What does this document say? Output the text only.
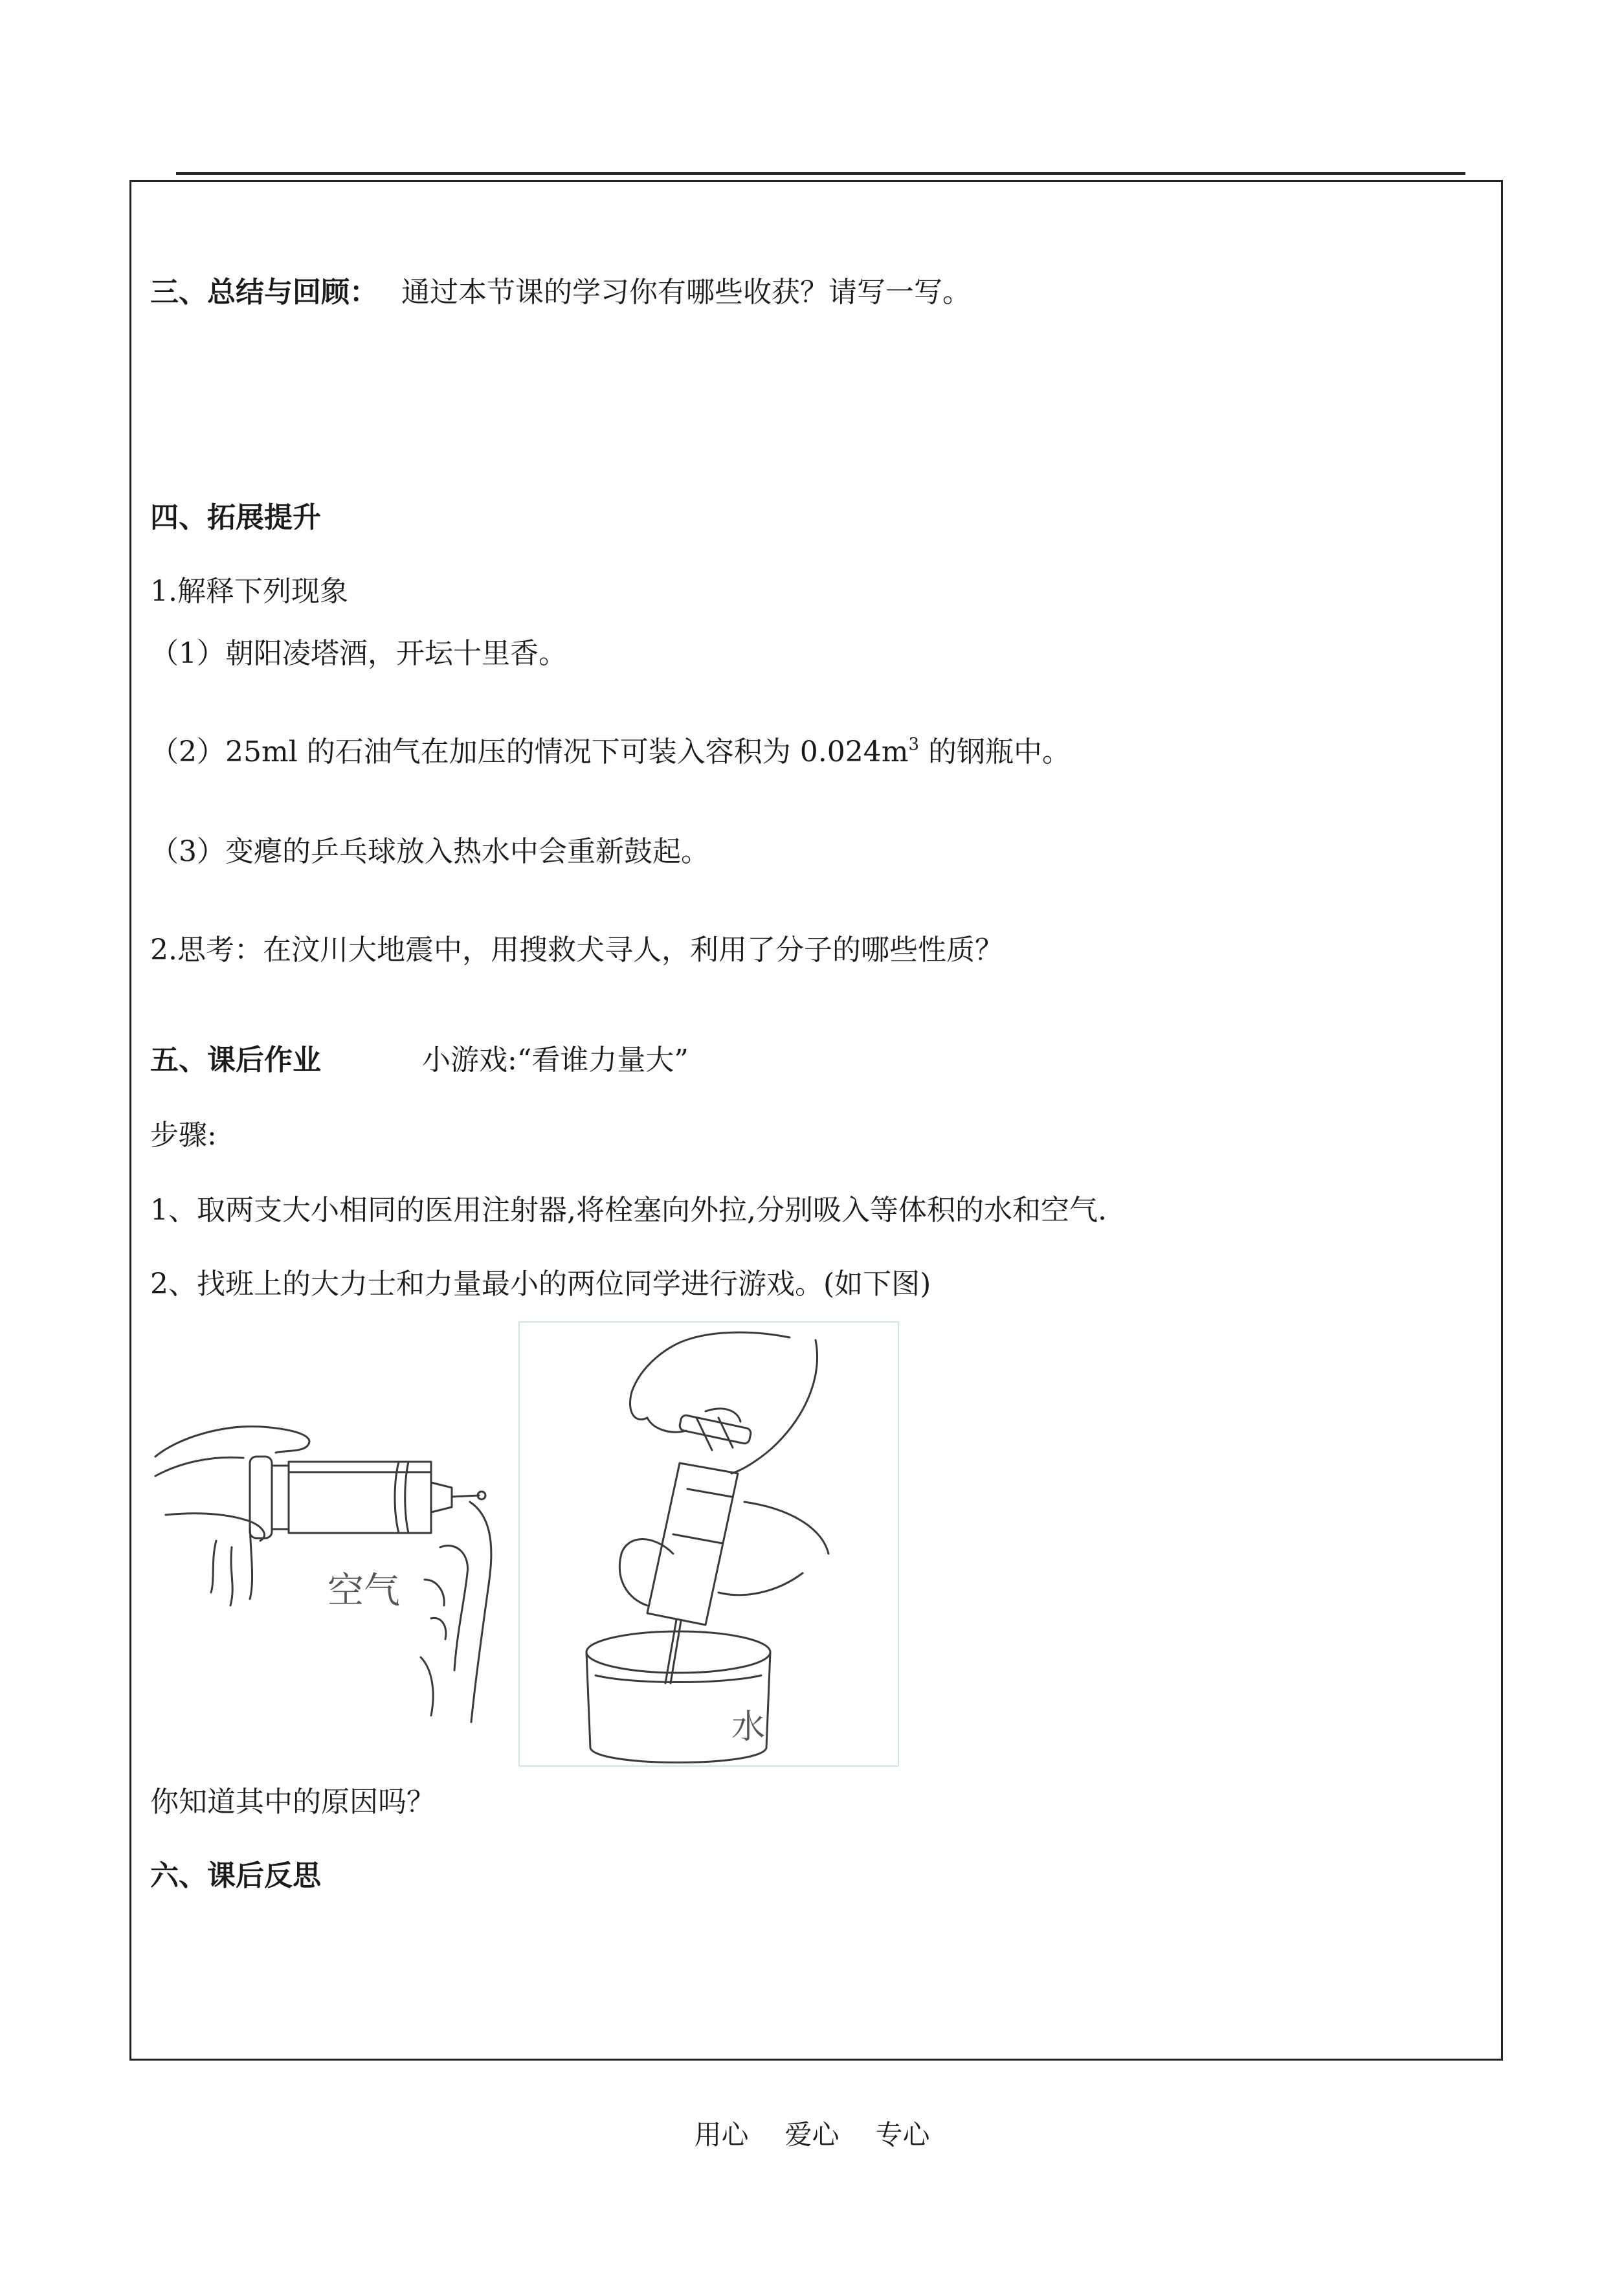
三、总结与回顾： 通过本节课的学习你有哪些收获？请写一写。
四、拓展提升
1.解释下列现象
（1）朝阳凌塔酒，开坛十里香。
（2）25ml 的石油气在加压的情况下可装入容积为 $0.024m^3$ 的钢瓶中。
（3）变瘪的乒乓球放入热水中会重新鼓起。
2.思考：在汶川大地震中，用搜救犬寻人，利用了分子的哪些性质？
五、课后作业	小游戏:“看谁力量大”
步骤:
1、取两支大小相同的医用注射器,将栓塞向外拉,分别吸入等体积的水和空气.
2、找班上的大力士和力量最小的两位同学进行游戏。(如下图)
空气
水
你知道其中的原因吗？
六、课后反思
用心 爱心 专心
